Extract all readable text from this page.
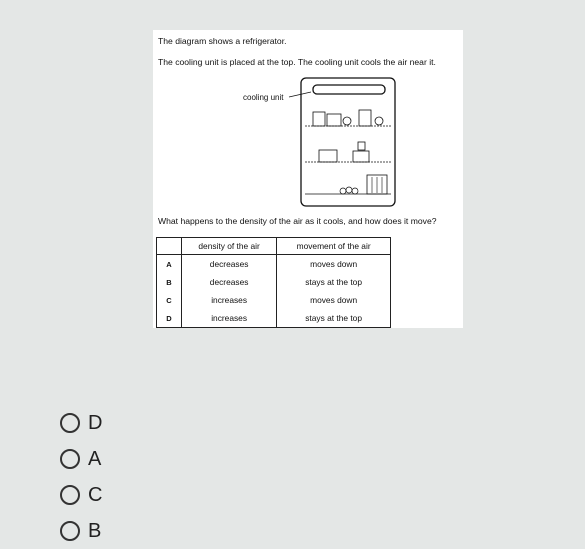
The diagram shows a refrigerator.
The cooling unit is placed at the top. The cooling unit cools the air near it.
cooling unit
What happens to the density of the air as it cools, and how does it move?
	density of the air	movement of the air
A	decreases	moves down
B	decreases	stays at the top
C	increases	moves down
D	increases	stays at the top
D
A
C
B
